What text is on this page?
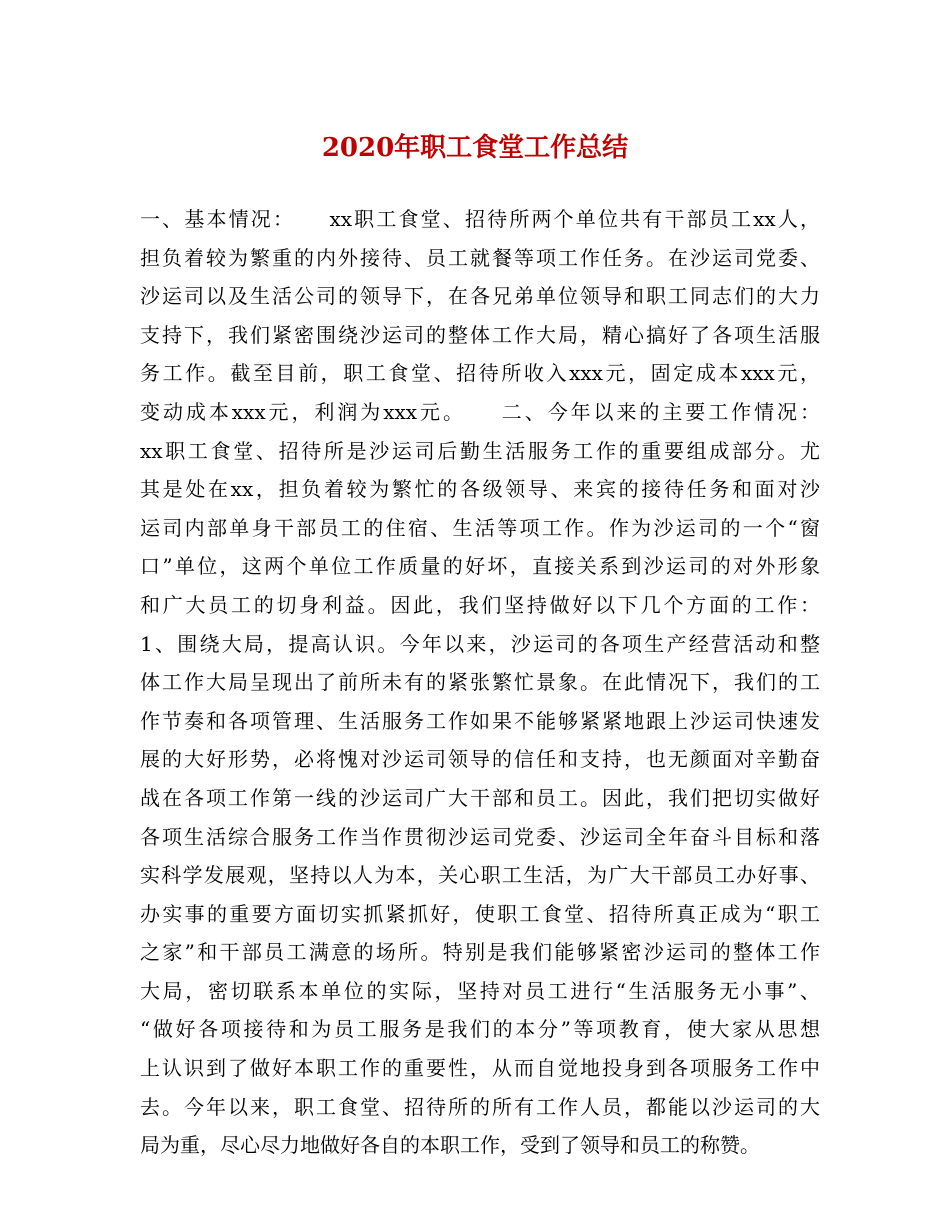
2020年职工食堂工作总结
一、基本情况：　　xx职工食堂、招待所两个单位共有干部员工xx人，
担负着较为繁重的内外接待、员工就餐等项工作任务。在沙运司党委、
沙运司以及生活公司的领导下，在各兄弟单位领导和职工同志们的大力
支持下，我们紧密围绕沙运司的整体工作大局，精心搞好了各项生活服
务工作。截至目前，职工食堂、招待所收入xxx元，固定成本xxx元，
变动成本xxx元，利润为xxx元。　　二、今年以来的主要工作情况：
xx职工食堂、招待所是沙运司后勤生活服务工作的重要组成部分。尤
其是处在xx，担负着较为繁忙的各级领导、来宾的接待任务和面对沙
运司内部单身干部员工的住宿、生活等项工作。作为沙运司的一个“窗
口”单位，这两个单位工作质量的好坏，直接关系到沙运司的对外形象
和广大员工的切身利益。因此，我们坚持做好以下几个方面的工作：
1、围绕大局，提高认识。今年以来，沙运司的各项生产经营活动和整
体工作大局呈现出了前所未有的紧张繁忙景象。在此情况下，我们的工
作节奏和各项管理、生活服务工作如果不能够紧紧地跟上沙运司快速发
展的大好形势，必将愧对沙运司领导的信任和支持，也无颜面对辛勤奋
战在各项工作第一线的沙运司广大干部和员工。因此，我们把切实做好
各项生活综合服务工作当作贯彻沙运司党委、沙运司全年奋斗目标和落
实科学发展观，坚持以人为本，关心职工生活，为广大干部员工办好事、
办实事的重要方面切实抓紧抓好，使职工食堂、招待所真正成为“职工
之家”和干部员工满意的场所。特别是我们能够紧密沙运司的整体工作
大局，密切联系本单位的实际，坚持对员工进行“生活服务无小事”、
“做好各项接待和为员工服务是我们的本分”等项教育，使大家从思想
上认识到了做好本职工作的重要性，从而自觉地投身到各项服务工作中
去。今年以来，职工食堂、招待所的所有工作人员，都能以沙运司的大
局为重，尽心尽力地做好各自的本职工作，受到了领导和员工的称赞。
